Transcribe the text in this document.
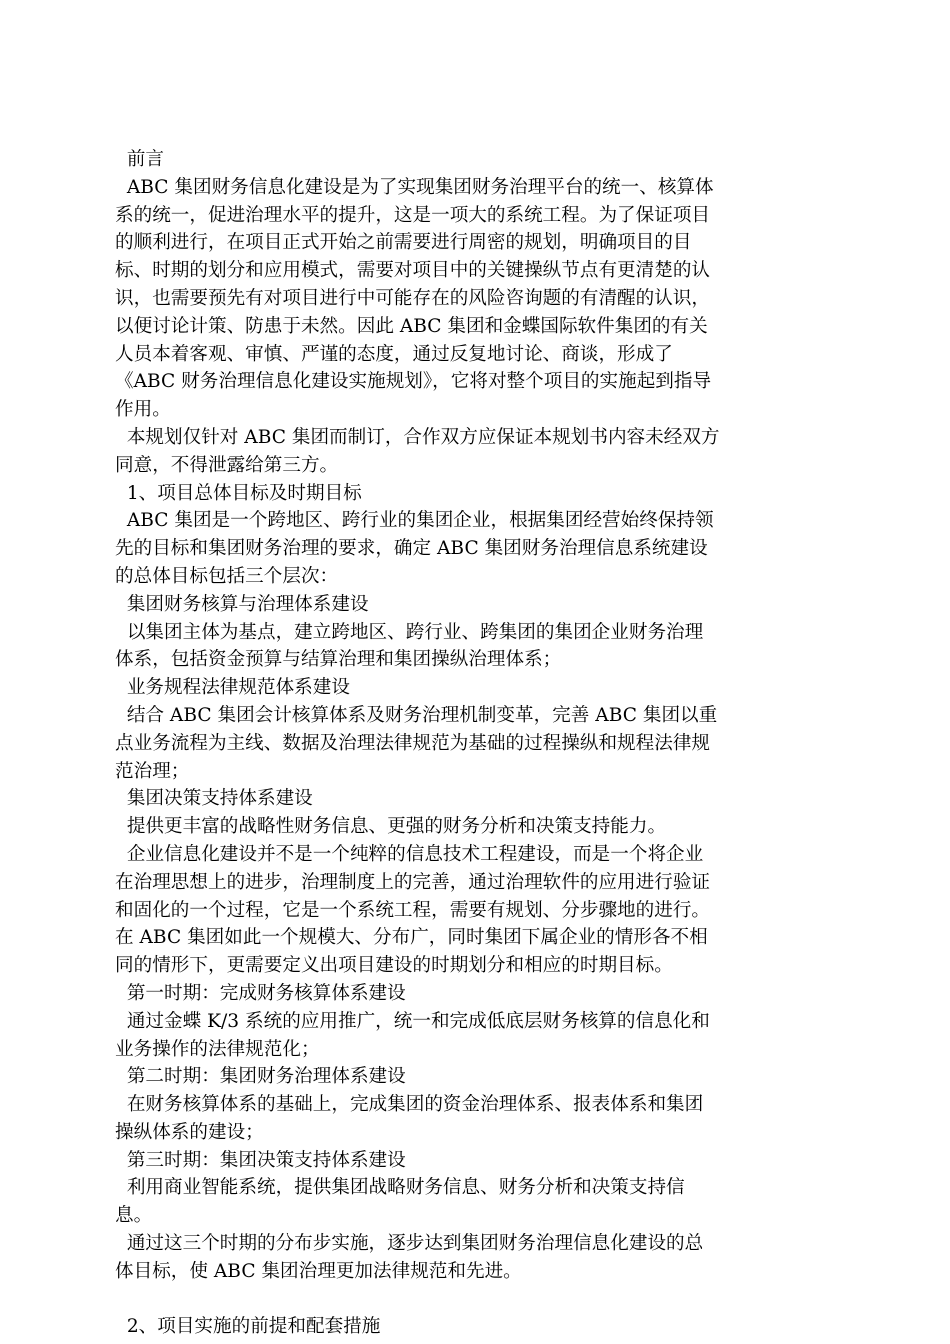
前言
ABC 集团财务信息化建设是为了实现集团财务治理平台的统一、核算体
系的统一，促进治理水平的提升，这是一项大的系统工程。为了保证项目
的顺利进行，在项目正式开始之前需要进行周密的规划，明确项目的目
标、时期的划分和应用模式，需要对项目中的关键操纵节点有更清楚的认
识，也需要预先有对项目进行中可能存在的风险咨询题的有清醒的认识，
以便讨论计策、防患于未然。因此 ABC 集团和金蝶国际软件集团的有关
人员本着客观、审慎、严谨的态度，通过反复地讨论、商谈，形成了
《ABC 财务治理信息化建设实施规划》，它将对整个项目的实施起到指导
作用。
本规划仅针对 ABC 集团而制订，合作双方应保证本规划书内容未经双方
同意，不得泄露给第三方。
1、项目总体目标及时期目标
ABC 集团是一个跨地区、跨行业的集团企业，根据集团经营始终保持领
先的目标和集团财务治理的要求，确定 ABC 集团财务治理信息系统建设
的总体目标包括三个层次：
集团财务核算与治理体系建设
以集团主体为基点，建立跨地区、跨行业、跨集团的集团企业财务治理
体系，包括资金预算与结算治理和集团操纵治理体系；
业务规程法律规范体系建设
结合 ABC 集团会计核算体系及财务治理机制变革，完善 ABC 集团以重
点业务流程为主线、数据及治理法律规范为基础的过程操纵和规程法律规
范治理；
集团决策支持体系建设
提供更丰富的战略性财务信息、更强的财务分析和决策支持能力。
企业信息化建设并不是一个纯粹的信息技术工程建设，而是一个将企业
在治理思想上的进步，治理制度上的完善，通过治理软件的应用进行验证
和固化的一个过程，它是一个系统工程，需要有规划、分步骤地的进行。
在 ABC 集团如此一个规模大、分布广，同时集团下属企业的情形各不相
同的情形下，更需要定义出项目建设的时期划分和相应的时期目标。
第一时期：完成财务核算体系建设
通过金蝶 K/3 系统的应用推广，统一和完成低底层财务核算的信息化和
业务操作的法律规范化；
第二时期：集团财务治理体系建设
在财务核算体系的基础上，完成集团的资金治理体系、报表体系和集团
操纵体系的建设；
第三时期：集团决策支持体系建设
利用商业智能系统，提供集团战略财务信息、财务分析和决策支持信
息。
通过这三个时期的分布步实施，逐步达到集团财务治理信息化建设的总
体目标，使 ABC 集团治理更加法律规范和先进。
2、项目实施的前提和配套措施
